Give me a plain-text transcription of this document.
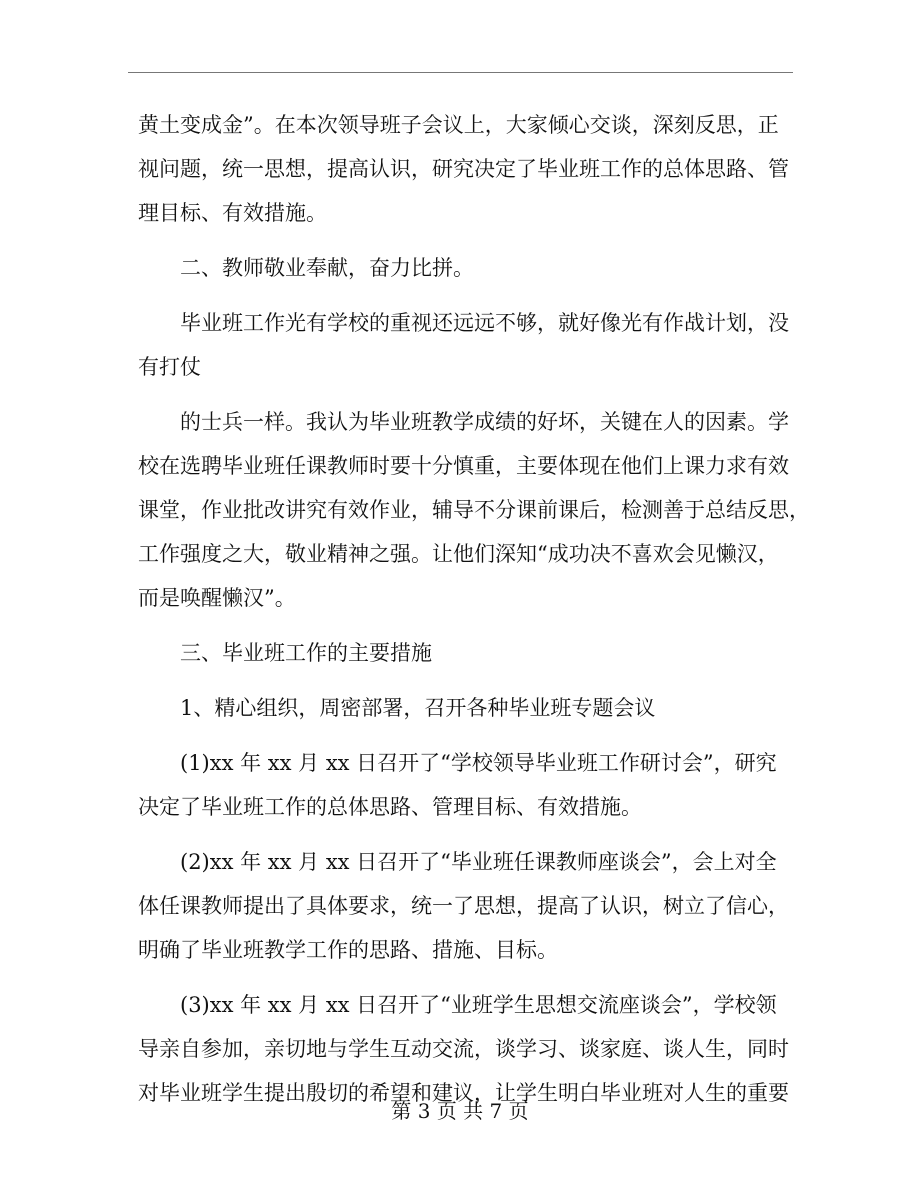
黄土变成金”。在本次领导班子会议上，大家倾心交谈，深刻反思，正
视问题，统一思想，提高认识，研究决定了毕业班工作的总体思路、管
理目标、有效措施。
二、教师敬业奉献，奋力比拼。
毕业班工作光有学校的重视还远远不够，就好像光有作战计划，没
有打仗
的士兵一样。我认为毕业班教学成绩的好坏，关键在人的因素。学
校在选聘毕业班任课教师时要十分慎重，主要体现在他们上课力求有效
课堂，作业批改讲究有效作业，辅导不分课前课后，检测善于总结反思，
工作强度之大，敬业精神之强。让他们深知“成功决不喜欢会见懒汉，
而是唤醒懒汉”。
三、毕业班工作的主要措施
1、精心组织，周密部署，召开各种毕业班专题会议
(1)xx 年 xx 月 xx 日召开了“学校领导毕业班工作研讨会”，研究
决定了毕业班工作的总体思路、管理目标、有效措施。
(2)xx 年 xx 月 xx 日召开了“毕业班任课教师座谈会”，会上对全
体任课教师提出了具体要求，统一了思想，提高了认识，树立了信心，
明确了毕业班教学工作的思路、措施、目标。
(3)xx 年 xx 月 xx 日召开了“业班学生思想交流座谈会”，学校领
导亲自参加，亲切地与学生互动交流，谈学习、谈家庭、谈人生，同时
对毕业班学生提出殷切的希望和建议，让学生明白毕业班对人生的重要
第 3 页 共 7 页
